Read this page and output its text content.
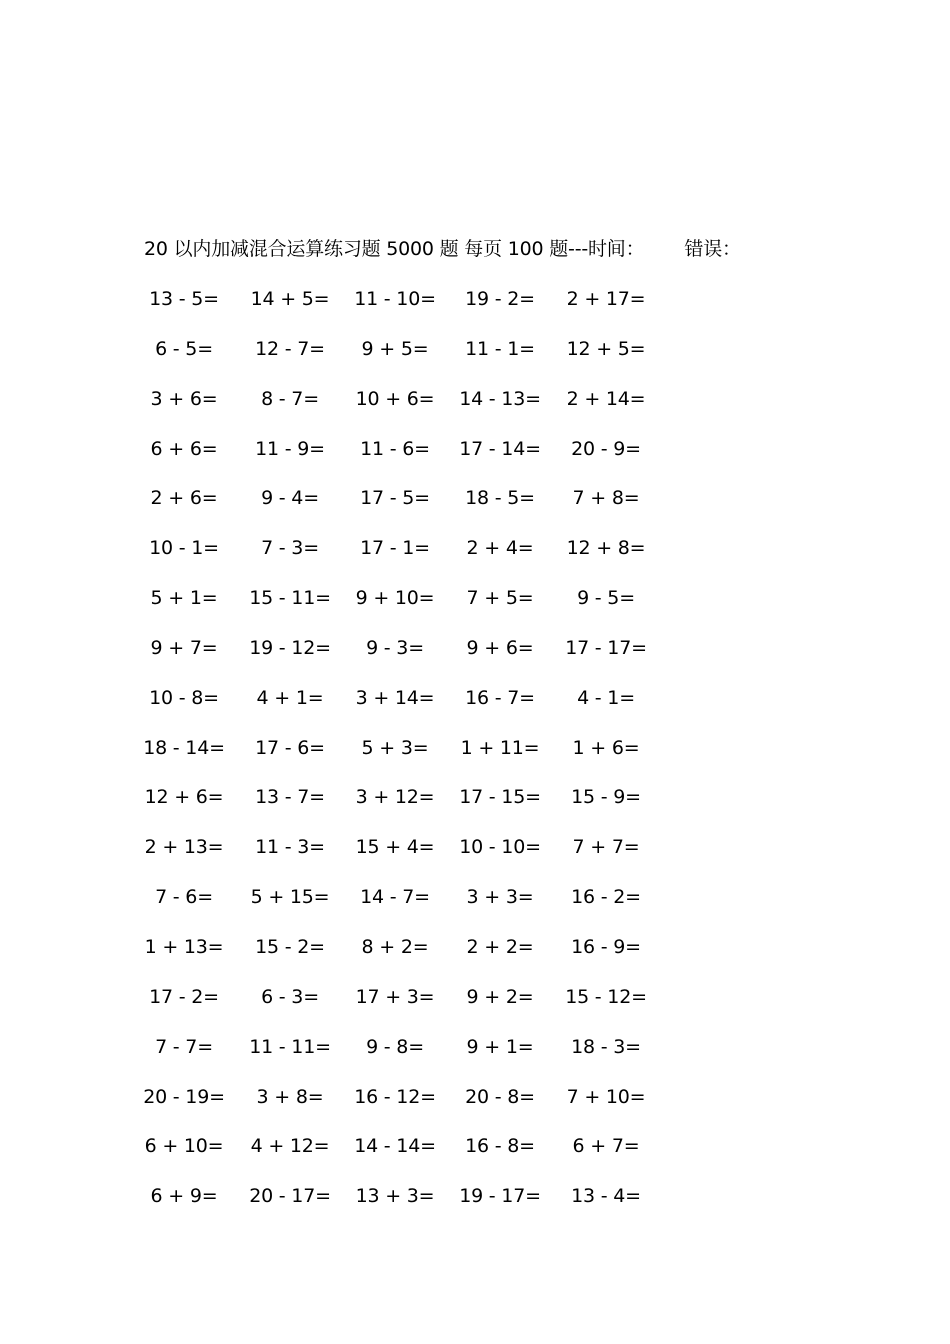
20 以内加减混合运算练习题 5000 题 每页 100 题---时间： 错误：
13 - 5=	14 + 5=	11 - 10=	19 - 2=	2 + 17=
6 - 5=	12 - 7=	9 + 5=	11 - 1=	12 + 5=
3 + 6=	8 - 7=	10 + 6=	14 - 13=	2 + 14=
6 + 6=	11 - 9=	11 - 6=	17 - 14=	20 - 9=
2 + 6=	9 - 4=	17 - 5=	18 - 5=	7 + 8=
10 - 1=	7 - 3=	17 - 1=	2 + 4=	12 + 8=
5 + 1=	15 - 11=	9 + 10=	7 + 5=	9 - 5=
9 + 7=	19 - 12=	9 - 3=	9 + 6=	17 - 17=
10 - 8=	4 + 1=	3 + 14=	16 - 7=	4 - 1=
18 - 14=	17 - 6=	5 + 3=	1 + 11=	1 + 6=
12 + 6=	13 - 7=	3 + 12=	17 - 15=	15 - 9=
2 + 13=	11 - 3=	15 + 4=	10 - 10=	7 + 7=
7 - 6=	5 + 15=	14 - 7=	3 + 3=	16 - 2=
1 + 13=	15 - 2=	8 + 2=	2 + 2=	16 - 9=
17 - 2=	6 - 3=	17 + 3=	9 + 2=	15 - 12=
7 - 7=	11 - 11=	9 - 8=	9 + 1=	18 - 3=
20 - 19=	3 + 8=	16 - 12=	20 - 8=	7 + 10=
6 + 10=	4 + 12=	14 - 14=	16 - 8=	6 + 7=
6 + 9=	20 - 17=	13 + 3=	19 - 17=	13 - 4=
